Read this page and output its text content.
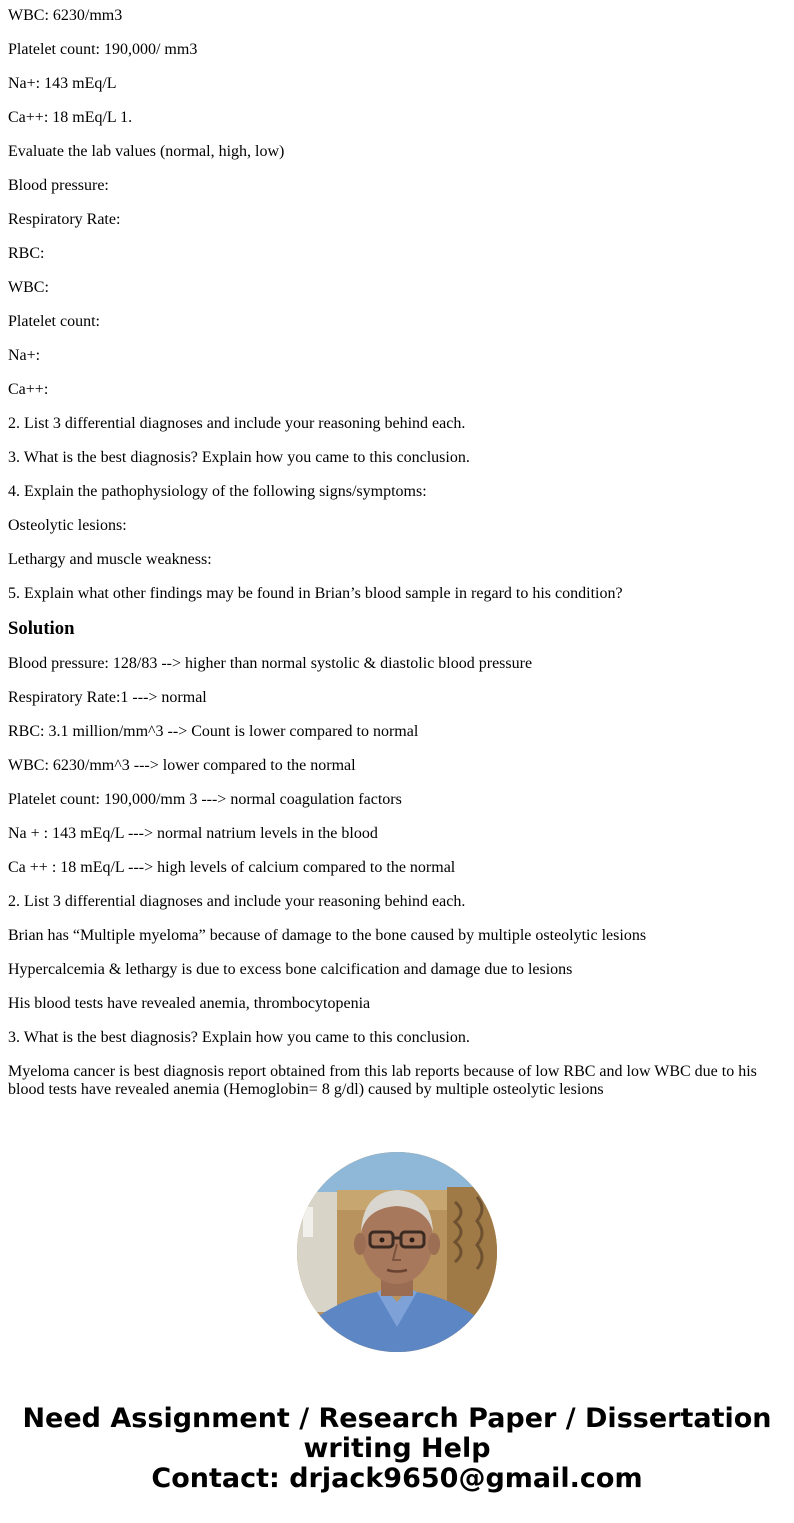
WBC: 6230/mm3

Platelet count: 190,000/ mm3

Na+: 143 mEq/L

Ca++: 18 mEq/L 1.

Evaluate the lab values (normal, high, low)

Blood pressure:

Respiratory Rate:

RBC:

WBC:

Platelet count:

Na+:

Ca++:

2. List 3 differential diagnoses and include your reasoning behind each.

3. What is the best diagnosis? Explain how you came to this conclusion.

4. Explain the pathophysiology of the following signs/symptoms:

Osteolytic lesions:

Lethargy and muscle weakness:

5. Explain what other findings may be found in Brian’s blood sample in regard to his condition?

Solution

Blood pressure: 128/83 --> higher than normal systolic & diastolic blood pressure

Respiratory Rate:1 ---> normal

RBC: 3.1 million/mm^3 --> Count is lower compared to normal

WBC: 6230/mm^3 ---> lower compared to the normal

Platelet count: 190,000/mm 3 ---> normal coagulation factors

Na + : 143 mEq/L ---> normal natrium levels in the blood

Ca ++ : 18 mEq/L ---> high levels of calcium compared to the normal

2. List 3 differential diagnoses and include your reasoning behind each.

Brian has “Multiple myeloma” because of damage to the bone caused by multiple osteolytic lesions

Hypercalcemia & lethargy is due to excess bone calcification and damage due to lesions

His blood tests have revealed anemia, thrombocytopenia

3. What is the best diagnosis? Explain how you came to this conclusion.

Myeloma cancer is best diagnosis report obtained from this lab reports because of low RBC and low WBC due to his blood tests have revealed anemia (Hemoglobin= 8 g/dl) caused by multiple osteolytic lesions

Need Assignment / Research Paper / Dissertation
writing Help
Contact: drjack9650@gmail.com
